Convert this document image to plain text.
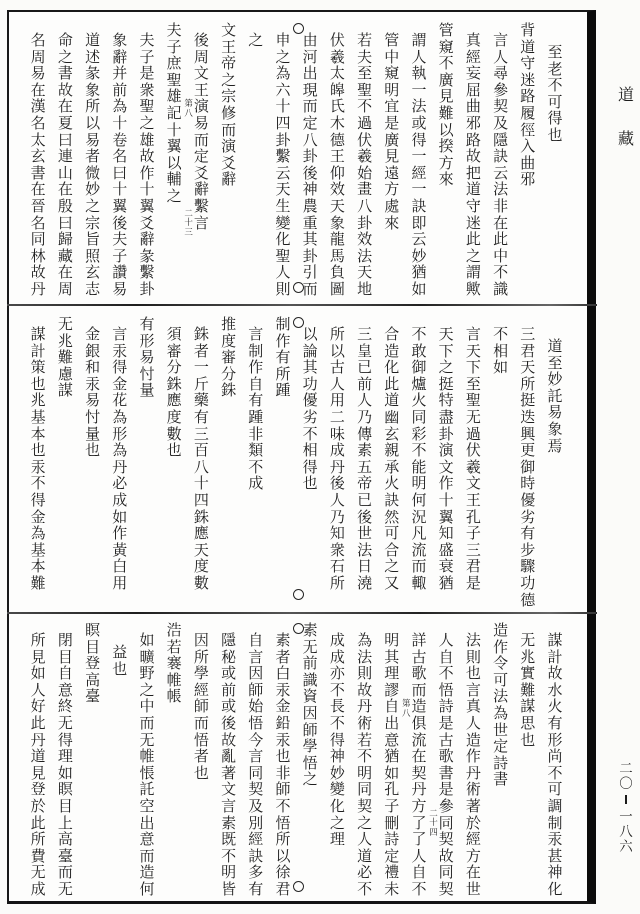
至
老
不
可
得
也
背
道
守
迷
路
履
徑
入
曲
邪
言
人
尋
參
契
及
隱
訣
云
法
非
在
此
中
不
識
真
經
妄
屈
曲
邪
路
故
把
道
守
迷
此
之
謂
歟
管
窺
不
廣
見
難
以
揆
方
來
謂
人
執
一
法
或
得
一
經
一
訣
即
云
妙
猶
如
管
中
窺
明
宜
是
廣
見
遠
方
處
來
若
夫
至
聖
不
過
伏
羲
始
畫
八
卦
效
法
天
地
伏
羲
太
皞
氏
木
德
王
仰
效
天
象
龍
馬
負
圖
由
河
出
現
而
定
八
卦
後
神
農
重
其
卦
引
而
申
之
為
六
十
四
卦
繫
云
天
生
變
化
聖
人
則
之
文
王
帝
之
宗
修
而
演
爻
辭
後
周
文
王
演
易
而
定
爻
辭
繫
言
夫
子
庶
聖
雄
記
十
翼
以
輔
之
第八
二十三
夫
子
是
衆
聖
之
雄
故
作
十
翼
爻
辭
彖
繫
卦
象
辭
并
前
為
十
卷
名
曰
十
翼
後
夫
子
讚
易
道
述
彖
象
所
以
易
者
微
妙
之
宗
旨
照
玄
志
命
之
書
故
在
夏
曰
連
山
在
殷
曰
歸
藏
在
周
名
周
易
在
漢
名
太
玄
書
在
晉
名
同
林
故
丹
道
至
妙
託
易
象
焉
三
君
天
所
挺
迭
興
更
御
時
優
劣
有
步
驟
功
德
不
相
如
言
天
下
至
聖
无
過
伏
羲
文
王
孔
子
三
君
是
天
下
之
挺
特
盡
卦
演
文
作
十
翼
知
盛
衰
猶
不
敢
御
爐
火
同
彩
不
能
明
何
況
凡
流
而
輙
合
造
化
此
道
幽
玄
親
承
火
訣
然
可
合
之
又
三
皇
已
前
人
乃
傳
素
五
帝
已
後
世
法
日
澆
所
以
古
人
用
二
味
成
丹
後
人
乃
知
衆
石
所
以
論
其
功
優
劣
不
相
得
也
制
作
有
所
踵
言
制
作
自
有
踵
非
類
不
成
推
度
審
分
銖
銖
者
一
斤
藥
有
三
百
八
十
四
銖
應
天
度
數
須
審
分
銖
應
度
數
也
有
形
易
忖
量
言
汞
得
金
花
為
形
為
丹
必
成
如
作
黃
白
用
金
銀
和
汞
易
忖
量
也
无
兆
難
慮
謀
謀
計
策
也
兆
基
本
也
汞
不
得
金
為
基
本
難
謀
計
故
水
火
有
形
尚
不
可
調
制
汞
甚
神
化
无
兆
實
難
謀
思
也
造
作
令
可
法
為
世
定
詩
書
法
則
也
言
真
人
造
作
丹
術
著
於
經
方
在
世
人
自
不
悟
詩
是
古
歌
書
是
參
同
契
故
同
契
詳
古
歌
而
造
俱
流
在
契
丹
方
了
了
人
自
不
二十四
明
其
理
謬
自
出
意
猶
如
孔
子
刪
詩
定
禮
未
第八
為
法
則
故
丹
術
若
不
明
同
契
之
人
道
必
不
成
成
亦
不
長
不
得
神
妙
變
化
之
理
素
无
前
識
資
因
師
學
悟
之
素
者
白
汞
金
鉛
汞
也
非
師
不
悟
所
以
徐
君
自
言
因
師
始
悟
今
言
同
契
及
別
經
訣
多
有
隱
秘
或
前
或
後
故
亂
著
文
言
素
既
不
明
皆
因
所
學
經
師
而
悟
者
也
浩
若
褰
帷
帳
如
曠
野
之
中
而
无
帷
悵
託
空
出
意
而
造
何
益
也
瞑
目
登
高
臺
閉
目
自
意
終
无
得
理
如
瞑
目
上
高
臺
而
无
所
見
如
人
好
此
丹
道
見
登
於
此
所
費
无
成
道
藏
二
〇
一
八
六
